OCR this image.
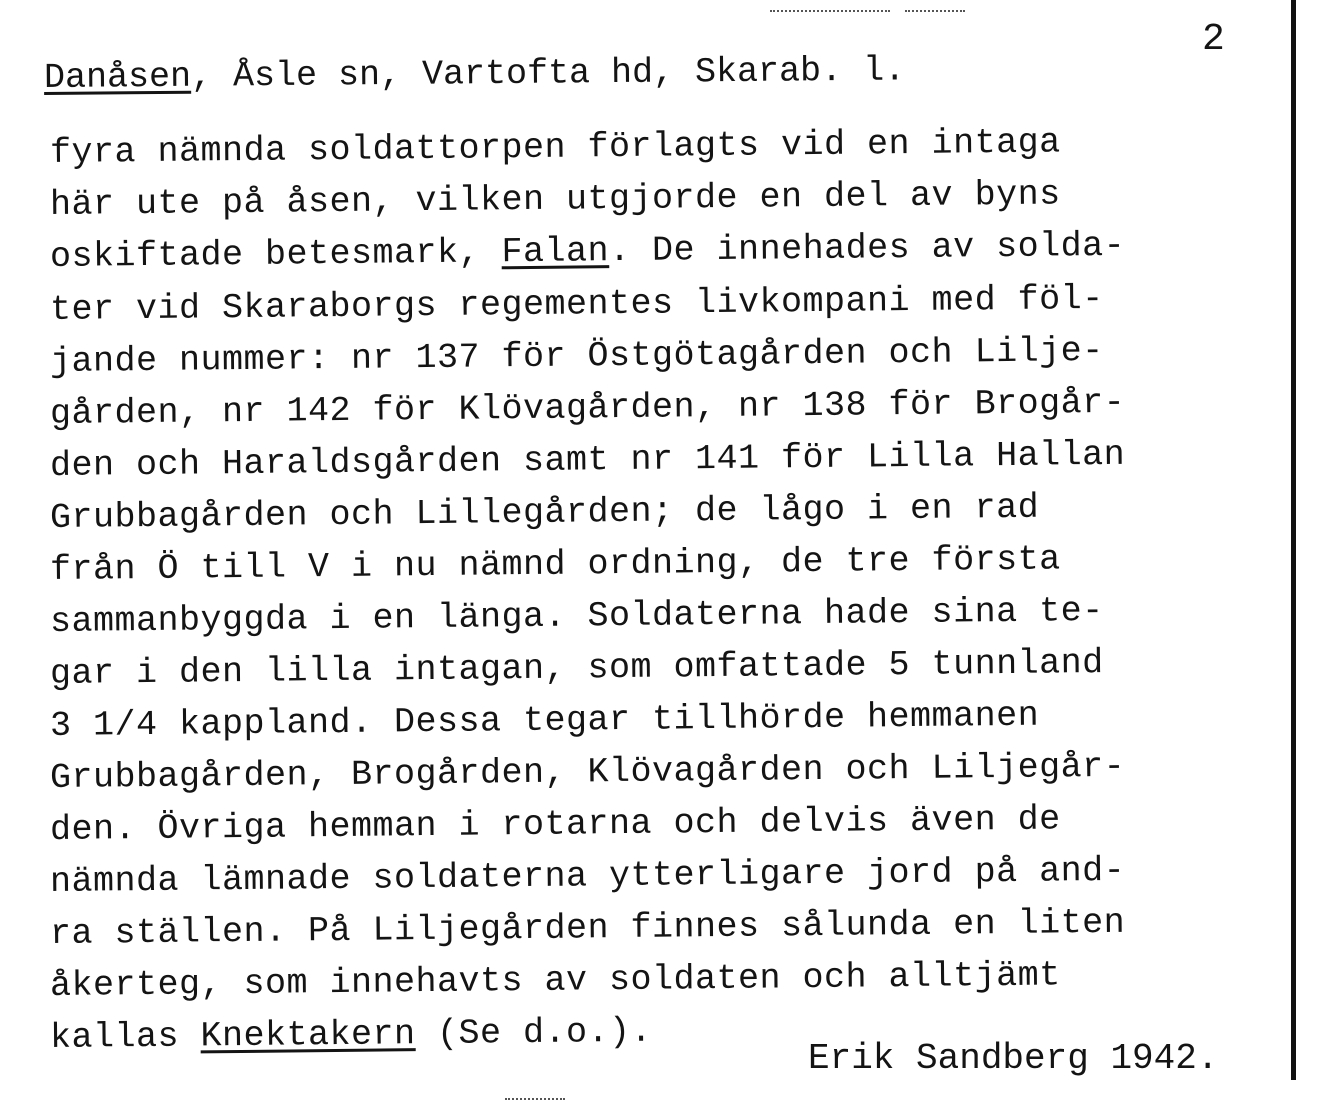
2
Danåsen, Åsle sn, Vartofta hd, Skarab. l.
fyra nämnda soldattorpen förlagts vid en intaga
här ute på åsen, vilken utgjorde en del av byns
oskiftade betesmark, Falan. De innehades av solda-
ter vid Skaraborgs regementes livkompani med föl-
jande nummer: nr 137 för Östgötagården och Lilje-
gården, nr 142 för Klövagården, nr 138 för Brogår-
den och Haraldsgården samt nr 141 för Lilla Hallan
Grubbagården och Lillegården; de lågo i en rad
från Ö till V i nu nämnd ordning, de tre första
sammanbyggda i en länga. Soldaterna hade sina te-
gar i den lilla intagan, som omfattade 5 tunnland
3 1/4 kappland. Dessa tegar tillhörde hemmanen
Grubbagården, Brogården, Klövagården och Liljegår-
den. Övriga hemman i rotarna och delvis även de
nämnda lämnade soldaterna ytterligare jord på and-
ra ställen. På Liljegården finnes sålunda en liten
åkerteg, som innehavts av soldaten och alltjämt
kallas Knektakern (Se d.o.).
Erik Sandberg 1942.
